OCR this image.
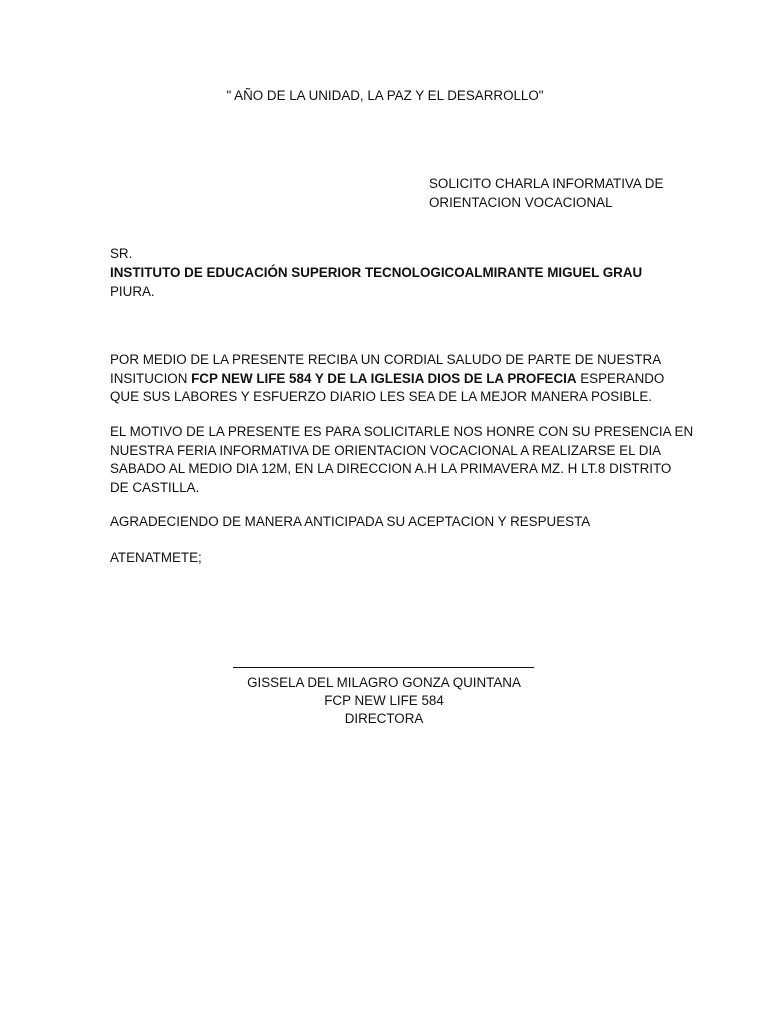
" AÑO DE LA UNIDAD, LA PAZ Y EL DESARROLLO"
SOLICITO CHARLA INFORMATIVA DE
ORIENTACION VOCACIONAL
SR.
INSTITUTO DE EDUCACIÓN SUPERIOR TECNOLOGICOALMIRANTE MIGUEL GRAU
PIURA.
POR MEDIO DE LA PRESENTE RECIBA UN CORDIAL SALUDO DE PARTE DE NUESTRA
INSITUCION FCP NEW LIFE 584 Y DE LA IGLESIA DIOS DE LA PROFECIA ESPERANDO
QUE SUS LABORES Y ESFUERZO DIARIO LES SEA DE LA MEJOR MANERA POSIBLE.
EL MOTIVO DE LA PRESENTE ES PARA SOLICITARLE NOS HONRE CON SU PRESENCIA EN
NUESTRA FERIA INFORMATIVA DE ORIENTACION VOCACIONAL A REALIZARSE EL DIA
SABADO AL MEDIO DIA 12M, EN LA DIRECCION A.H LA PRIMAVERA MZ. H LT.8 DISTRITO
DE CASTILLA.
AGRADECIENDO DE MANERA ANTICIPADA SU ACEPTACION Y RESPUESTA
ATENATMETE;
GISSELA DEL MILAGRO GONZA QUINTANA
FCP NEW LIFE 584
DIRECTORA
